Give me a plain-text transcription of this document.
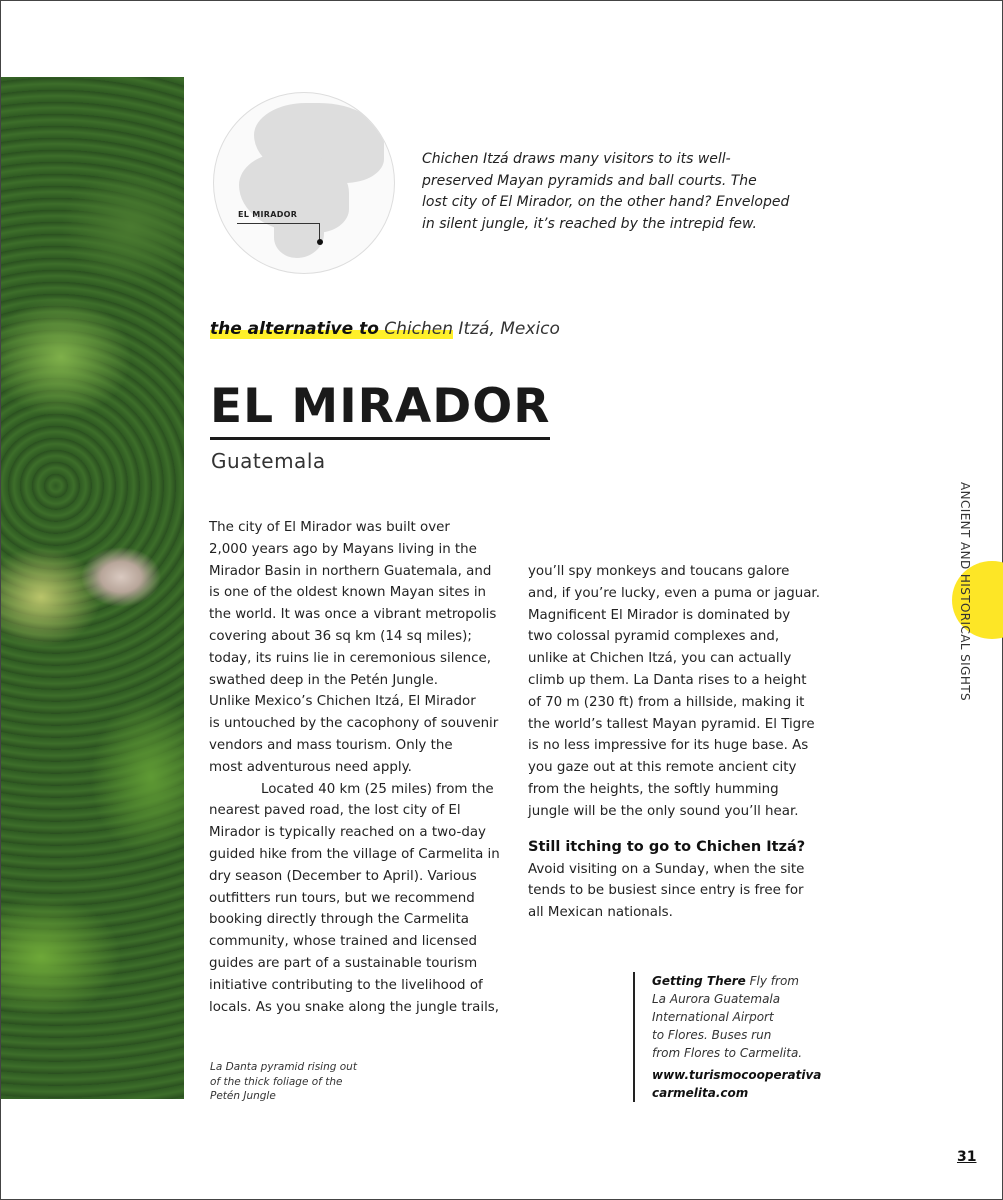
EL MIRADOR
Chichen Itzá draws many visitors to its well-
preserved Mayan pyramids and ball courts. The
lost city of El Mirador, on the other hand? Enveloped
in silent jungle, it’s reached by the intrepid few.
the alternative to Chichen Itzá, Mexico
EL MIRADOR
Guatemala
The city of El Mirador was built over
2,000 years ago by Mayans living in the
Mirador Basin in northern Guatemala, and
is one of the oldest known Mayan sites in
the world. It was once a vibrant metropolis
covering about 36 sq km (14 sq miles);
today, its ruins lie in ceremonious silence,
swathed deep in the Petén Jungle.
Unlike Mexico’s Chichen Itzá, El Mirador
is untouched by the cacophony of souvenir
vendors and mass tourism. Only the
most adventurous need apply.
Located 40 km (25 miles) from the
nearest paved road, the lost city of El
Mirador is typically reached on a two-day
guided hike from the village of Carmelita in
dry season (December to April). Various
outfitters run tours, but we recommend
booking directly through the Carmelita
community, whose trained and licensed
guides are part of a sustainable tourism
initiative contributing to the livelihood of
locals. As you snake along the jungle trails,
you’ll spy monkeys and toucans galore
and, if you’re lucky, even a puma or jaguar.
Magnificent El Mirador is dominated by
two colossal pyramid complexes and,
unlike at Chichen Itzá, you can actually
climb up them. La Danta rises to a height
of 70 m (230 ft) from a hillside, making it
the world’s tallest Mayan pyramid. El Tigre
is no less impressive for its huge base. As
you gaze out at this remote ancient city
from the heights, the softly humming
jungle will be the only sound you’ll hear.
Still itching to go to Chichen Itzá?
Avoid visiting on a Sunday, when the site
tends to be busiest since entry is free for
all Mexican nationals.
La Danta pyramid rising out
of the thick foliage of the
Petén Jungle
Getting There Fly from
La Aurora Guatemala
International Airport
to Flores. Buses run
from Flores to Carmelita.
www.turismocooperativa
carmelita.com
ANCIENT AND HISTORICAL SIGHTS
31
